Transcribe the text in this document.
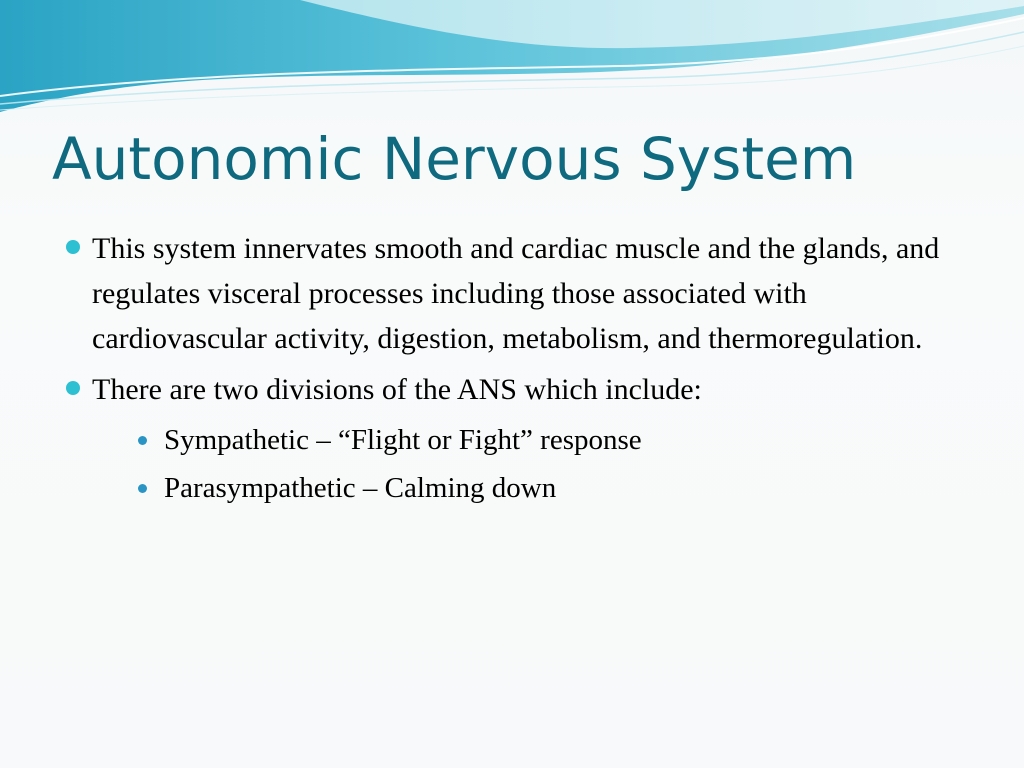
Autonomic Nervous System
This system innervates smooth and cardiac muscle and the glands, and regulates visceral processes including those associated with cardiovascular activity, digestion, metabolism, and thermoregulation.
There are two divisions of the ANS which include:
Sympathetic – “Flight or Fight” response
Parasympathetic – Calming down
